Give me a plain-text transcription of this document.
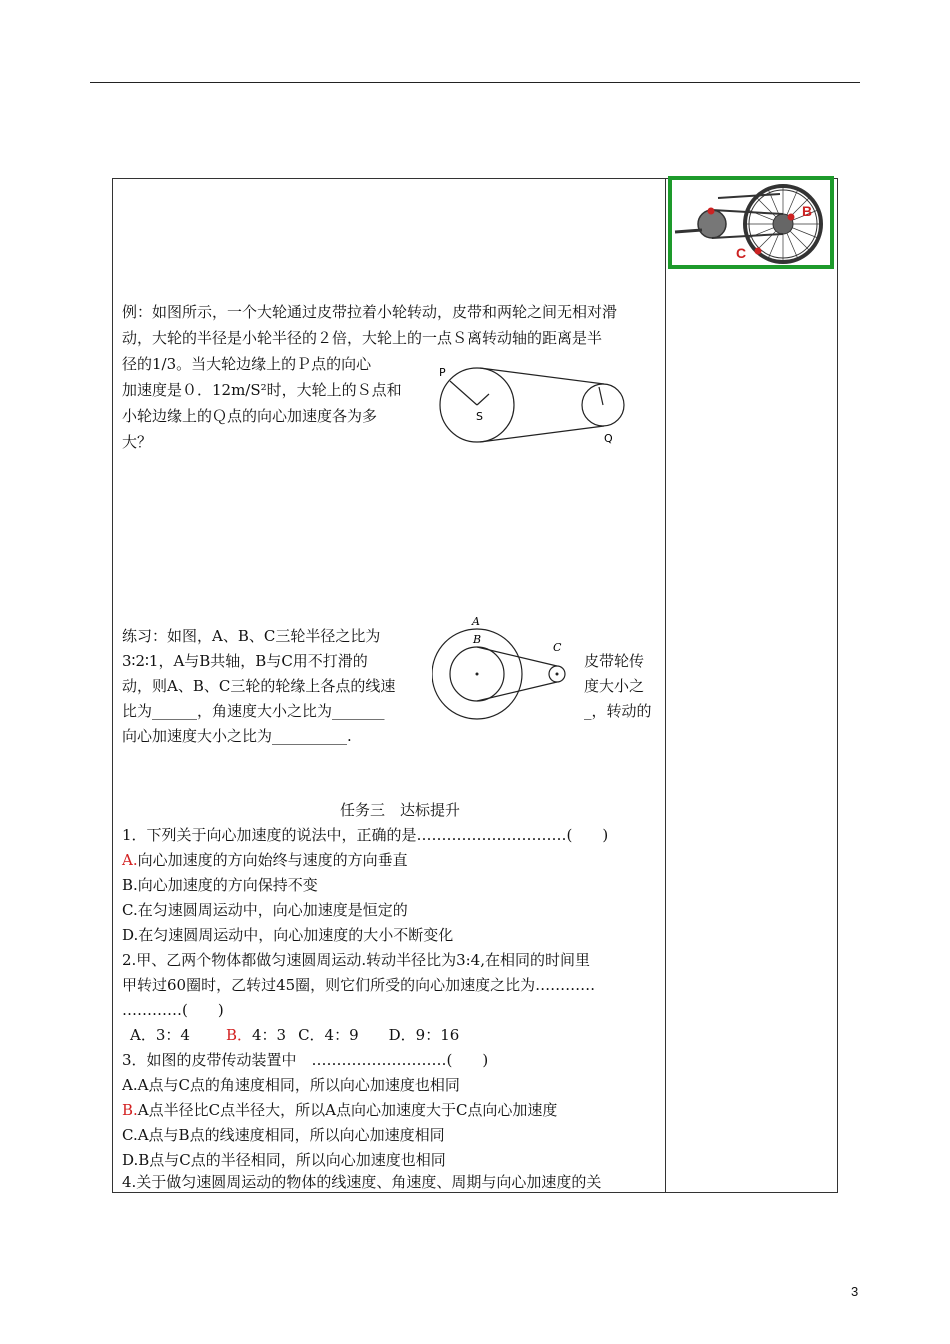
B
C
例：如图所示，一个大轮通过皮带拉着小轮转动，皮带和两轮之间无相对滑
动，大轮的半径是小轮半径的２倍，大轮上的一点Ｓ离转动轴的距离是半
径的1/3。当大轮边缘上的Ｐ点的向心
加速度是０．12m/S²时，大轮上的Ｓ点和
小轮边缘上的Ｑ点的向心加速度各为多
大？
P
S
Q
练习：如图，A、B、C三轮半径之比为
3∶2∶1，A与B共轴，B与C用不打滑的
动，则A、B、C三轮的轮缘上各点的线速
比为______，角速度大小之比为_______
向心加速度大小之比为__________.
皮带轮传
度大小之
_，转动的
A
B
C
任务三　达标提升
1．下列关于向心加速度的说法中，正确的是…………………………(　　)
A.向心加速度的方向始终与速度的方向垂直
B.向心加速度的方向保持不变
C.在匀速圆周运动中，向心加速度是恒定的
D.在匀速圆周运动中，向心加速度的大小不断变化
2.甲、乙两个物体都做匀速圆周运动.转动半径比为3:4,在相同的时间里
甲转过60圈时，乙转过45圈，则它们所受的向心加速度之比为…………
…………(　　)
A．3：4 B．4：3 C．4：9 D．9：16
3．如图的皮带传动装置中　………………………(　　)
A.A点与C点的角速度相同，所以向心加速度也相同
B.A点半径比C点半径大，所以A点向心加速度大于C点向心加速度
C.A点与B点的线速度相同，所以向心加速度相同
D.B点与C点的半径相同，所以向心加速度也相同
4.关于做匀速圆周运动的物体的线速度、角速度、周期与向心加速度的关
3
